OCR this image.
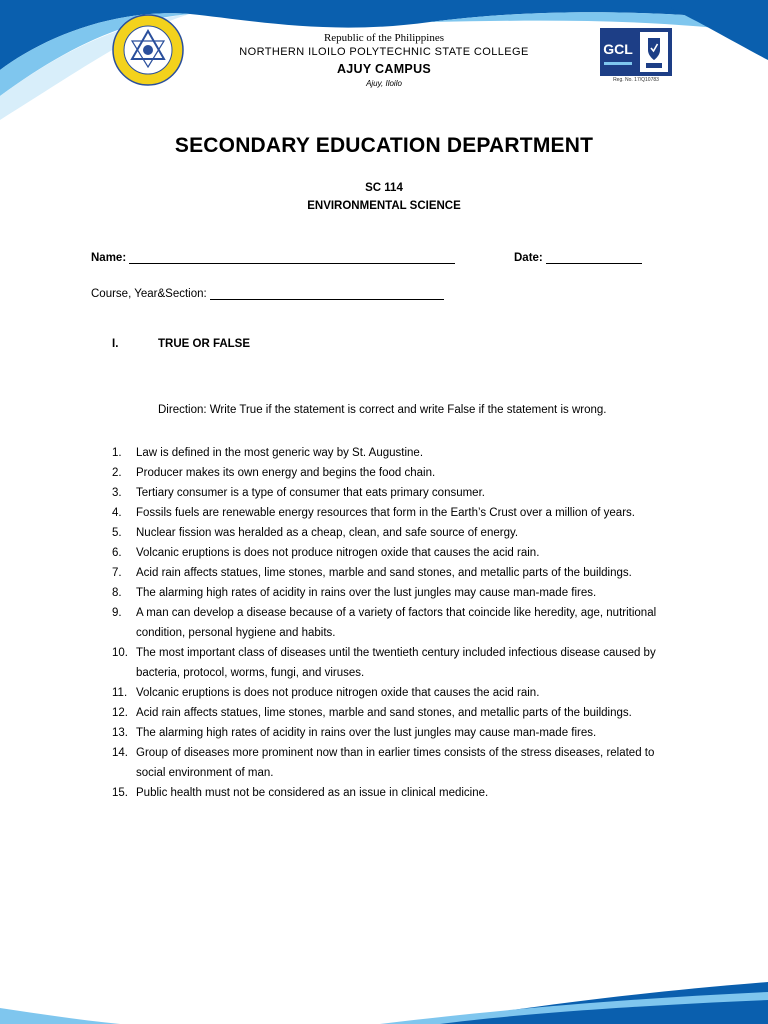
GCL
Reg. No. 17/Q10783
Republic of the Philippines
NORTHERN ILOILO POLYTECHNIC STATE COLLEGE
AJUY CAMPUS
Ajuy, Iloilo
SECONDARY EDUCATION DEPARTMENT
SC 114
ENVIRONMENTAL SCIENCE
Name:	Date:
Course, Year&Section:
I.	TRUE OR FALSE
Direction: Write True if the statement is correct and write False if the statement is wrong.
1. Law is defined in the most generic way by St. Augustine.
2. Producer makes its own energy and begins the food chain.
3. Tertiary consumer is a type of consumer that eats primary consumer.
4. Fossils fuels are renewable energy resources that form in the Earth’s Crust over a million of years.
5. Nuclear fission was heralded as a cheap, clean, and safe source of energy.
6. Volcanic eruptions is does not produce nitrogen oxide that causes the acid rain.
7. Acid rain affects statues, lime stones, marble and sand stones, and metallic parts of the buildings.
8. The alarming high rates of acidity in rains over the lust jungles may cause man-made fires.
9. A man can develop a disease because of a variety of factors that coincide like heredity, age, nutritional condition, personal hygiene and habits.
10. The most important class of diseases until the twentieth century included infectious disease caused by bacteria, protocol, worms, fungi, and viruses.
11. Volcanic eruptions is does not produce nitrogen oxide that causes the acid rain.
12. Acid rain affects statues, lime stones, marble and sand stones, and metallic parts of the buildings.
13. The alarming high rates of acidity in rains over the lust jungles may cause man-made fires.
14. Group of diseases more prominent now than in earlier times consists of the stress diseases, related to social environment of man.
15. Public health must not be considered as an issue in clinical medicine.
